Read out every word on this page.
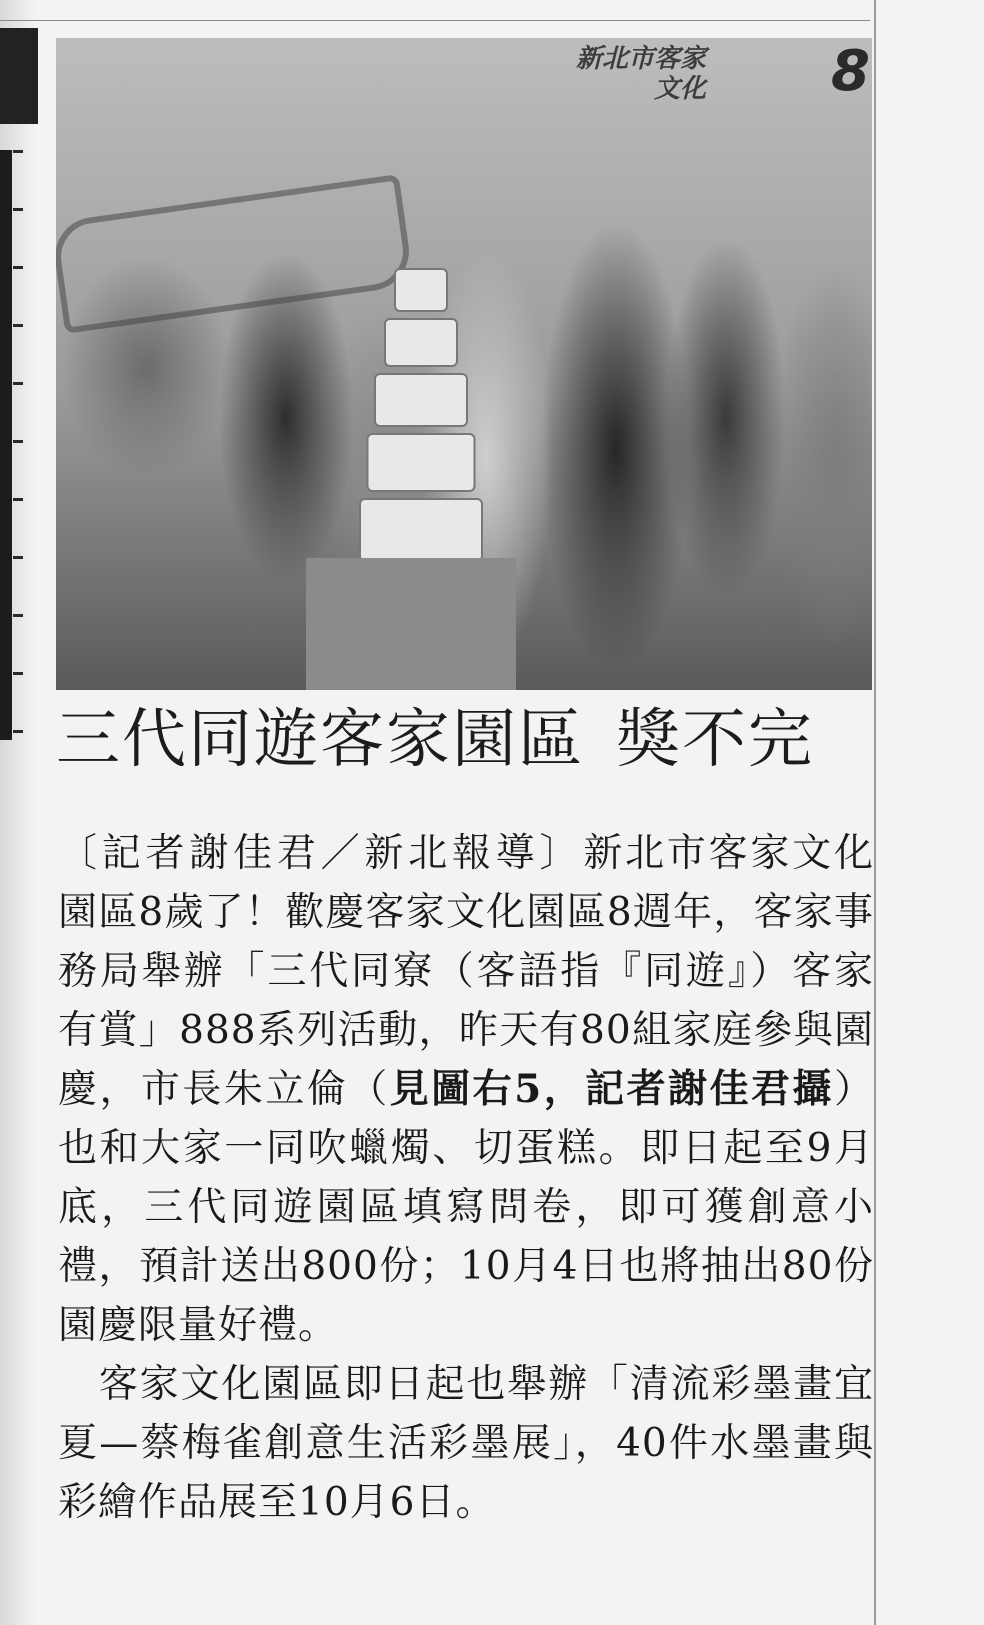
新北市客家
文化 8
三代同遊客家園區 獎不完

〔記者謝佳君／新北報導〕新北市客家文化園區8歲了！歡慶客家文化園區8週年，客家事務局舉辦「三代同寮（客語指『同遊』）客家有賞」888系列活動，昨天有80組家庭參與園慶，市長朱立倫（見圖右5，記者謝佳君攝）也和大家一同吹蠟燭、切蛋糕。即日起至9月底，三代同遊園區填寫問卷，即可獲創意小禮，預計送出800份；10月4日也將抽出80份園慶限量好禮。

客家文化園區即日起也舉辦「清流彩墨畫宜夏—蔡梅雀創意生活彩墨展」，40件水墨畫與彩繪作品展至10月6日。
